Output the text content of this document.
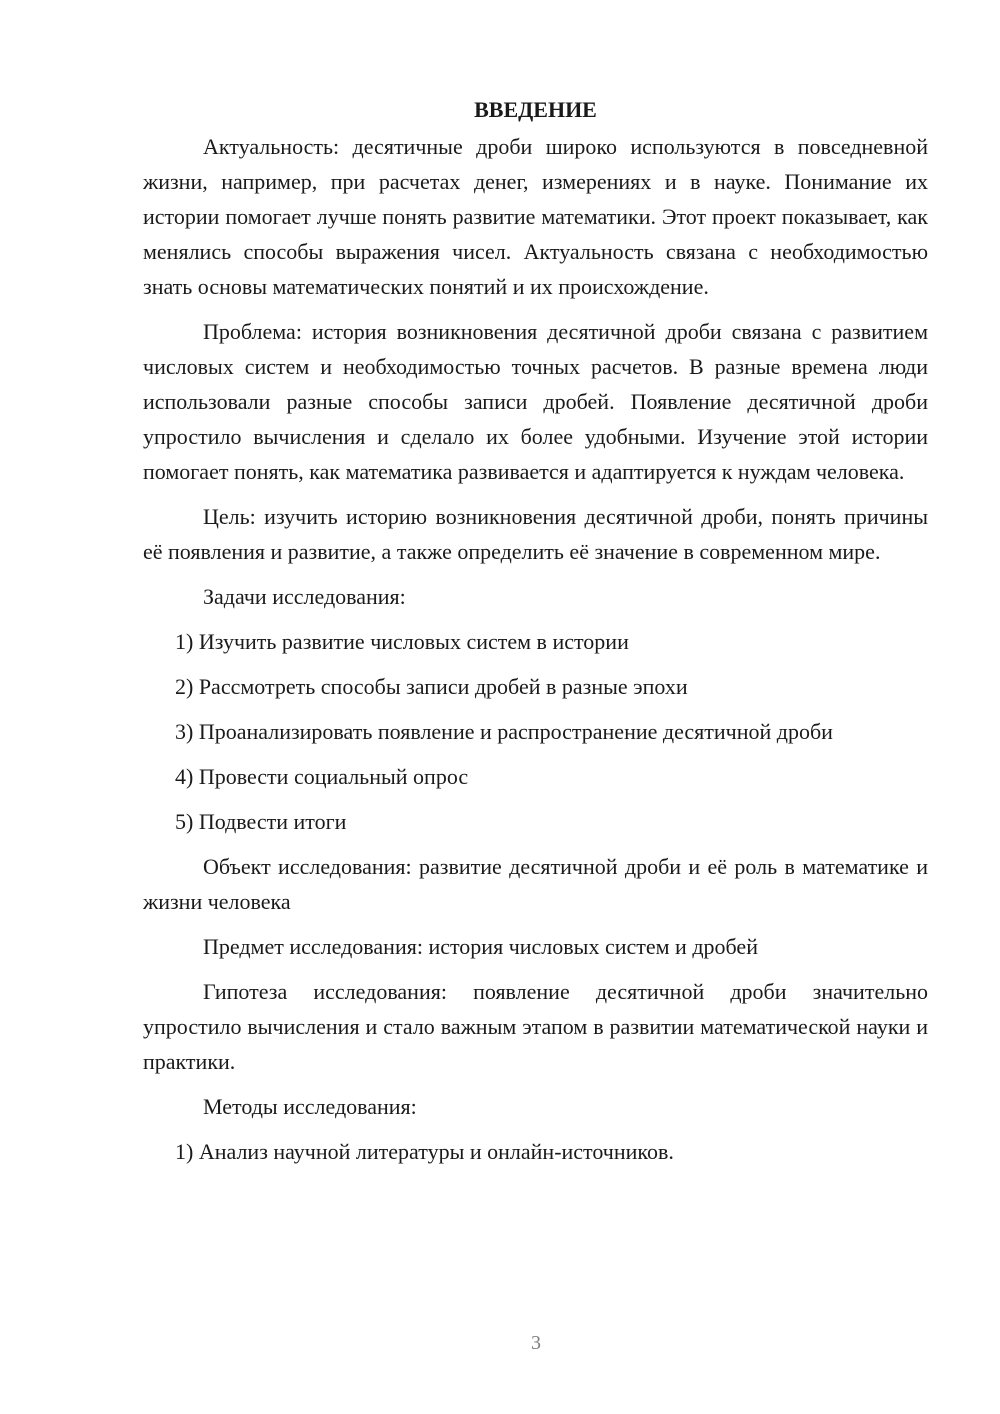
ВВЕДЕНИЕ

Актуальность: десятичные дроби широко используются в повседневной жизни, например, при расчетах денег, измерениях и в науке. Понимание их истории помогает лучше понять развитие математики. Этот проект показывает, как менялись способы выражения чисел. Актуальность связана с необходимостью знать основы математических понятий и их происхождение.

Проблема: история возникновения десятичной дроби связана с развитием числовых систем и необходимостью точных расчетов. В разные времена люди использовали разные способы записи дробей. Появление десятичной дроби упростило вычисления и сделало их более удобными. Изучение этой истории помогает понять, как математика развивается и адаптируется к нуждам человека.

Цель: изучить историю возникновения десятичной дроби, понять причины её появления и развитие, а также определить её значение в современном мире.

Задачи исследования:

1) Изучить развитие числовых систем в истории
2) Рассмотреть способы записи дробей в разные эпохи
3) Проанализировать появление и распространение десятичной дроби
4) Провести социальный опрос
5) Подвести итоги

Объект исследования: развитие десятичной дроби и её роль в математике и жизни человека

Предмет исследования: история числовых систем и дробей

Гипотеза исследования: появление десятичной дроби значительно упростило вычисления и стало важным этапом в развитии математической науки и практики.

Методы исследования:

1) Анализ научной литературы и онлайн-источников.
3
